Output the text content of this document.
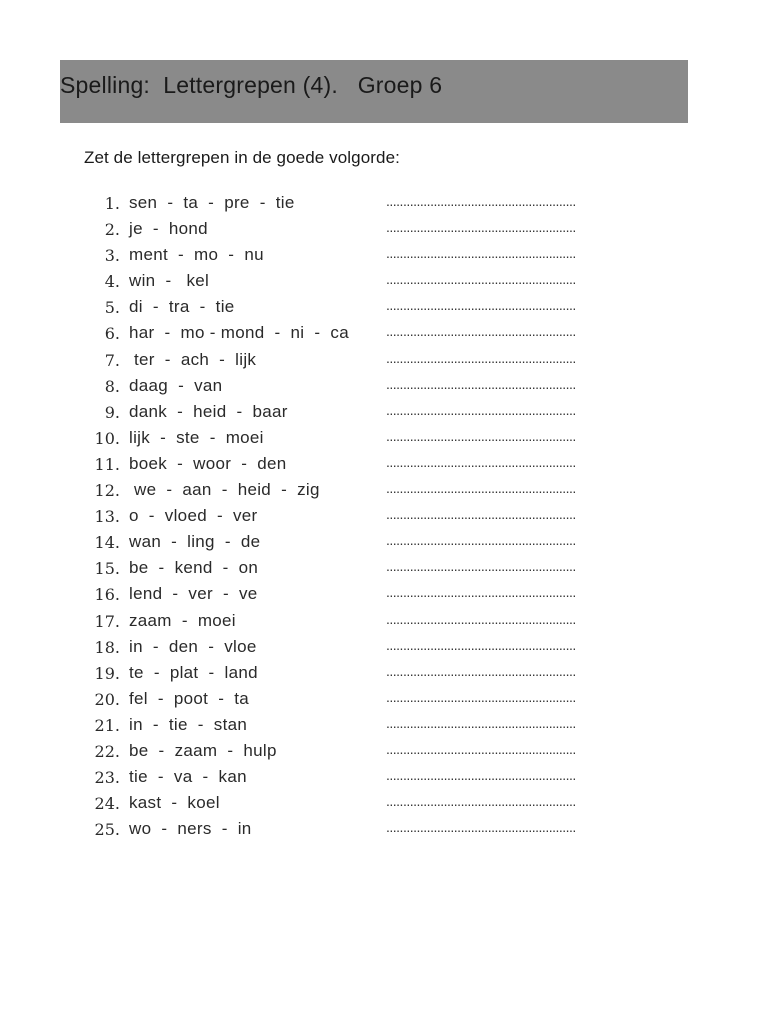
Spelling:  Lettergrepen (4).   Groep 6
Zet de lettergrepen in de goede volgorde:
1. sen  -  ta  -  pre  -  tie	........................................................
2. je  -  hond	........................................................
3. ment  -  mo  -  nu	........................................................
4. win  -   kel	........................................................
5. di  -  tra  -  tie	........................................................
6. har  -  mo - mond  -  ni  -  ca	........................................................
7. ter  -  ach  -  lijk	........................................................
8. daag  -  van	........................................................
9. dank  -  heid  -  baar	........................................................
10. lijk  -  ste  -  moei	........................................................
11. boek  -  woor  -  den	........................................................
12. we  -  aan  -  heid  -  zig	........................................................
13. o  -  vloed  -  ver	........................................................
14. wan  -  ling  -  de	........................................................
15. be  -  kend  -  on	........................................................
16. lend  -  ver  -  ve	........................................................
17. zaam  -  moei	........................................................
18. in  -  den  -  vloe	........................................................
19. te  -  plat  -  land	........................................................
20. fel  -  poot  -  ta	........................................................
21. in  -  tie  -  stan	........................................................
22. be  -  zaam  -  hulp	........................................................
23. tie  -  va  -  kan	........................................................
24. kast  -  koel	........................................................
25. wo  -  ners  -  in	........................................................
